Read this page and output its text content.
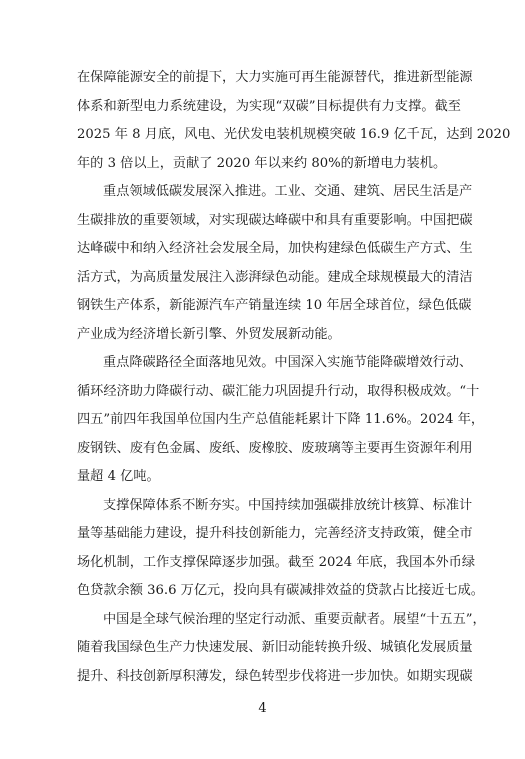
在保障能源安全的前提下，大力实施可再生能源替代，推进新型能源
体系和新型电力系统建设，为实现“双碳”目标提供有力支撑。截至
2025 年 8 月底，风电、光伏发电装机规模突破 16.9 亿千瓦，达到 2020
年的 3 倍以上，贡献了 2020 年以来约 80%的新增电力装机。
重点领域低碳发展深入推进。工业、交通、建筑、居民生活是产
生碳排放的重要领域，对实现碳达峰碳中和具有重要影响。中国把碳
达峰碳中和纳入经济社会发展全局，加快构建绿色低碳生产方式、生
活方式，为高质量发展注入澎湃绿色动能。建成全球规模最大的清洁
钢铁生产体系，新能源汽车产销量连续 10 年居全球首位，绿色低碳
产业成为经济增长新引擎、外贸发展新动能。
重点降碳路径全面落地见效。中国深入实施节能降碳增效行动、
循环经济助力降碳行动、碳汇能力巩固提升行动，取得积极成效。“十
四五”前四年我国单位国内生产总值能耗累计下降 11.6%。2024 年，
废钢铁、废有色金属、废纸、废橡胶、废玻璃等主要再生资源年利用
量超 4 亿吨。
支撑保障体系不断夯实。中国持续加强碳排放统计核算、标准计
量等基础能力建设，提升科技创新能力，完善经济支持政策，健全市
场化机制，工作支撑保障逐步加强。截至 2024 年底，我国本外币绿
色贷款余额 36.6 万亿元，投向具有碳减排效益的贷款占比接近七成。
中国是全球气候治理的坚定行动派、重要贡献者。展望“十五五”，
随着我国绿色生产力快速发展、新旧动能转换升级、城镇化发展质量
提升、科技创新厚积薄发，绿色转型步伐将进一步加快。如期实现碳
4
